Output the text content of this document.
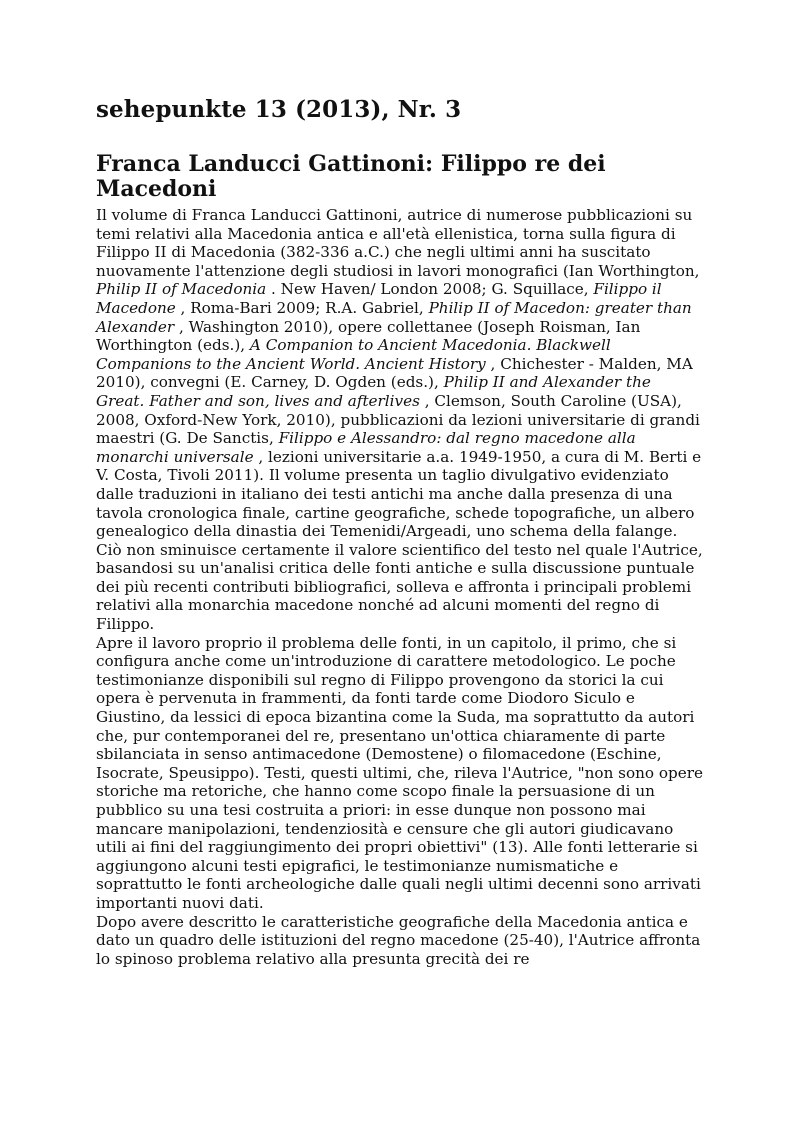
sehepunkte 13 (2013), Nr. 3
Franca Landucci Gattinoni: Filippo re dei Macedoni

Il volume di Franca Landucci Gattinoni, autrice di numerose pubblicazioni su temi relativi alla Macedonia antica e all'età ellenistica, torna sulla figura di Filippo II di Macedonia (382-336 a.C.) che negli ultimi anni ha suscitato nuovamente l'attenzione degli studiosi in lavori monografici (Ian Worthington, Philip II of Macedonia . New Haven/ London 2008; G. Squillace, Filippo il Macedone , Roma-Bari 2009; R.A. Gabriel, Philip II of Macedon: greater than Alexander , Washington 2010), opere collettanee (Joseph Roisman, Ian Worthington (eds.), A Companion to Ancient Macedonia. Blackwell Companions to the Ancient World. Ancient History , Chichester - Malden, MA 2010), convegni (E. Carney, D. Ogden (eds.), Philip II and Alexander the Great. Father and son, lives and afterlives , Clemson, South Caroline (USA), 2008, Oxford-New York, 2010), pubblicazioni da lezioni universitarie di grandi maestri (G. De Sanctis, Filippo e Alessandro: dal regno macedone alla monarchi universale , lezioni universitarie a.a. 1949-1950, a cura di M. Berti e V. Costa, Tivoli 2011). Il volume presenta un taglio divulgativo evidenziato dalle traduzioni in italiano dei testi antichi ma anche dalla presenza di una tavola cronologica finale, cartine geografiche, schede topografiche, un albero genealogico della dinastia dei Temenidi/Argeadi, uno schema della falange. Ciò non sminuisce certamente il valore scientifico del testo nel quale l'Autrice, basandosi su un'analisi critica delle fonti antiche e sulla discussione puntuale dei più recenti contributi bibliografici, solleva e affronta i principali problemi relativi alla monarchia macedone nonché ad alcuni momenti del regno di Filippo.

Apre il lavoro proprio il problema delle fonti, in un capitolo, il primo, che si configura anche come un'introduzione di carattere metodologico. Le poche testimonianze disponibili sul regno di Filippo provengono da storici la cui opera è pervenuta in frammenti, da fonti tarde come Diodoro Siculo e Giustino, da lessici di epoca bizantina come la Suda, ma soprattutto da autori che, pur contemporanei del re, presentano un'ottica chiaramente di parte sbilanciata in senso antimacedone (Demostene) o filomacedone (Eschine, Isocrate, Speusippo). Testi, questi ultimi, che, rileva l'Autrice, "non sono opere storiche ma retoriche, che hanno come scopo finale la persuasione di un pubblico su una tesi costruita a priori: in esse dunque non possono mai mancare manipolazioni, tendenziosità e censure che gli autori giudicavano utili ai fini del raggiungimento dei propri obiettivi" (13). Alle fonti letterarie si aggiungono alcuni testi epigrafici, le testimonianze numismatiche e soprattutto le fonti archeologiche dalle quali negli ultimi decenni sono arrivati importanti nuovi dati.

Dopo avere descritto le caratteristiche geografiche della Macedonia antica e dato un quadro delle istituzioni del regno macedone (25-40), l'Autrice affronta lo spinoso problema relativo alla presunta grecità dei re
